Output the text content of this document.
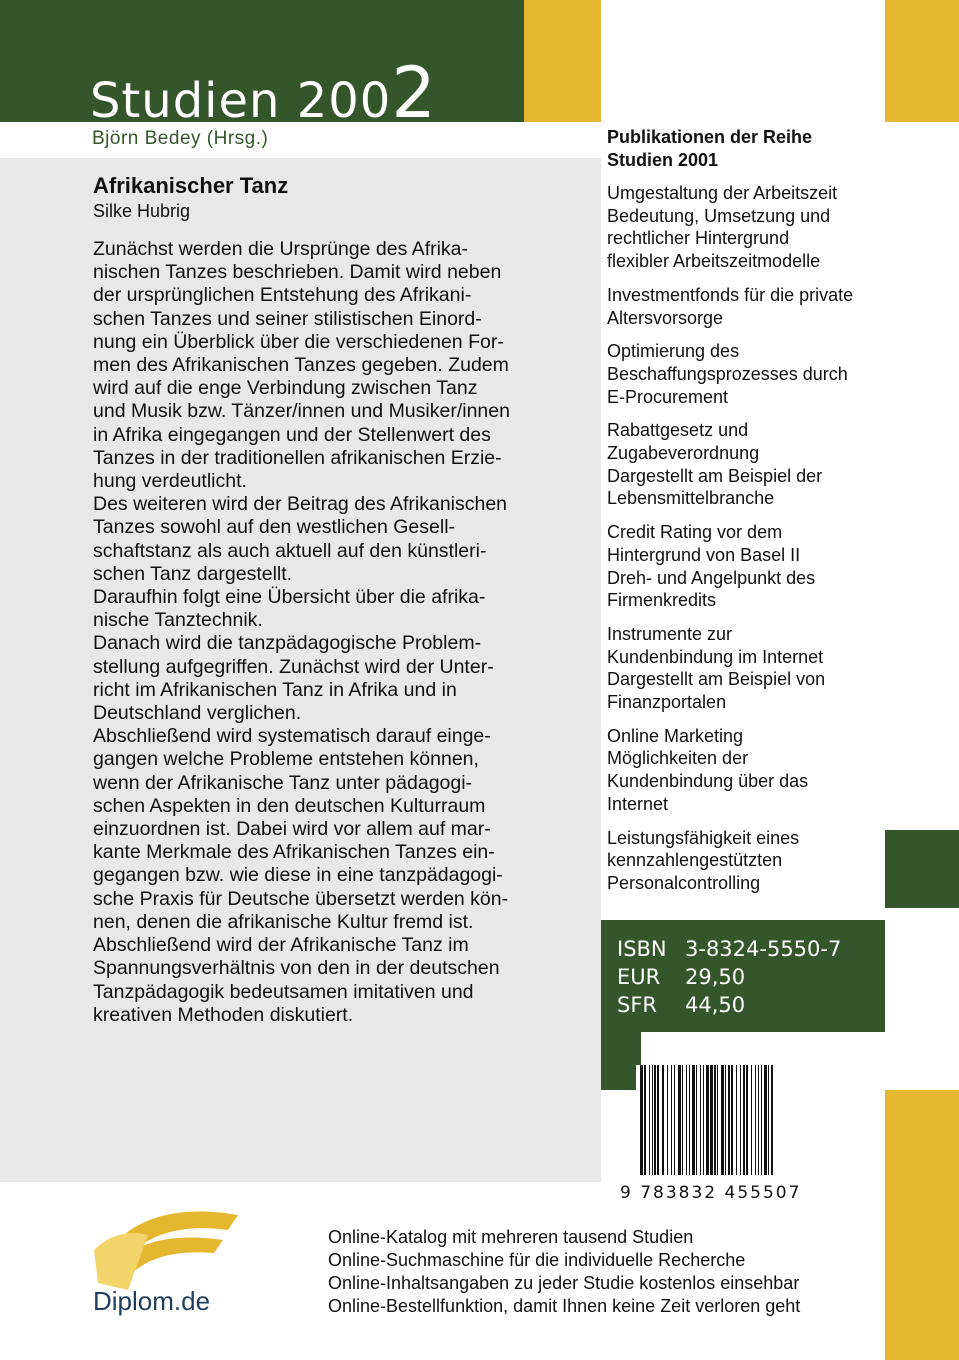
Studien 2002
Björn Bedey (Hrsg.)
Afrikanischer Tanz
Silke Hubrig

Zunächst werden die Ursprünge des Afrika-
nischen Tanzes beschrieben. Damit wird neben
der ursprünglichen Entstehung des Afrikani-
schen Tanzes und seiner stilistischen Einord-
nung ein Überblick über die verschiedenen For-
men des Afrikanischen Tanzes gegeben. Zudem
wird auf die enge Verbindung zwischen Tanz
und Musik bzw. Tänzer/innen und Musiker/innen
in Afrika eingegangen und der Stellenwert des
Tanzes in der traditionellen afrikanischen Erzie-
hung verdeutlicht.
Des weiteren wird der Beitrag des Afrikanischen
Tanzes sowohl auf den westlichen Gesell-
schaftstanz als auch aktuell auf den künstleri-
schen Tanz dargestellt.
Daraufhin folgt eine Übersicht über die afrika-
nische Tanztechnik.
Danach wird die tanzpädagogische Problem-
stellung aufgegriffen. Zunächst wird der Unter-
richt im Afrikanischen Tanz in Afrika und in
Deutschland verglichen.
Abschließend wird systematisch darauf einge-
gangen welche Probleme entstehen können,
wenn der Afrikanische Tanz unter pädagogi-
schen Aspekten in den deutschen Kulturraum
einzuordnen ist. Dabei wird vor allem auf mar-
kante Merkmale des Afrikanischen Tanzes ein-
gegangen bzw. wie diese in eine tanzpädagogi-
sche Praxis für Deutsche übersetzt werden kön-
nen, denen die afrikanische Kultur fremd ist.
Abschließend wird der Afrikanische Tanz im
Spannungsverhältnis von den in der deutschen
Tanzpädagogik bedeutsamen imitativen und
kreativen Methoden diskutiert.

Publikationen der Reihe
Studien 2001
Umgestaltung der Arbeitszeit
Bedeutung, Umsetzung und
rechtlicher Hintergrund
flexibler Arbeitszeitmodelle
Investmentfonds für die private
Altersvorsorge
Optimierung des
Beschaffungsprozesses durch
E-Procurement
Rabattgesetz und
Zugabeverordnung
Dargestellt am Beispiel der
Lebensmittelbranche
Credit Rating vor dem
Hintergrund von Basel II
Dreh- und Angelpunkt des
Firmenkredits
Instrumente zur
Kundenbindung im Internet
Dargestellt am Beispiel von
Finanzportalen
Online Marketing
Möglichkeiten der
Kundenbindung über das
Internet
Leistungsfähigkeit eines
kennzahlengestützten
Personalcontrolling
ISBN 3-8324-5550-7
EUR 29,50
SFR 44,50
9 783832 455507
Diplom.de
Online-Katalog mit mehreren tausend Studien
Online-Suchmaschine für die individuelle Recherche
Online-Inhaltsangaben zu jeder Studie kostenlos einsehbar
Online-Bestellfunktion, damit Ihnen keine Zeit verloren geht
